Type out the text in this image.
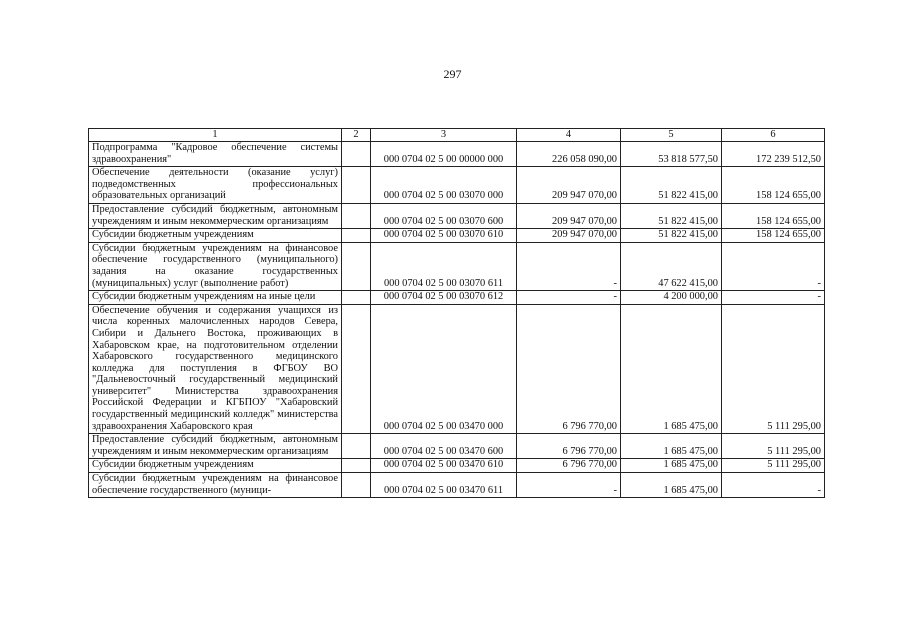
297
1	2	3	4	5	6
Подпрограмма "Кадровое обеспечение системы здравоохранения"		000 0704 02 5 00 00000 000	226 058 090,00	53 818 577,50	172 239 512,50
Обеспечение деятельности (оказание услуг) подведомственных профессиональных образовательных организаций		000 0704 02 5 00 03070 000	209 947 070,00	51 822 415,00	158 124 655,00
Предоставление субсидий бюджетным, автономным учреждениям и иным некоммерческим организациям		000 0704 02 5 00 03070 600	209 947 070,00	51 822 415,00	158 124 655,00
Субсидии бюджетным учреждениям		000 0704 02 5 00 03070 610	209 947 070,00	51 822 415,00	158 124 655,00
Субсидии бюджетным учреждениям на финансовое обеспечение государственного (муниципального) задания на оказание государственных (муниципальных) услуг (выполнение работ)		000 0704 02 5 00 03070 611	-	47 622 415,00	-
Субсидии бюджетным учреждениям на иные цели		000 0704 02 5 00 03070 612	-	4 200 000,00	-
Обеспечение обучения и содержания учащихся из числа коренных малочисленных народов Севера, Сибири и Дальнего Востока, проживающих в Хабаровском крае, на подготовительном отделении Хабаровского государственного медицинского колледжа для поступления в ФГБОУ ВО "Дальневосточный государственный медицинский университет" Министерства здравоохранения Российской Федерации и КГБПОУ "Хабаровский государственный медицинский колледж" министерства здравоохранения Хабаровского края		000 0704 02 5 00 03470 000	6 796 770,00	1 685 475,00	5 111 295,00
Предоставление субсидий бюджетным, автономным учреждениям и иным некоммерческим организациям		000 0704 02 5 00 03470 600	6 796 770,00	1 685 475,00	5 111 295,00
Субсидии бюджетным учреждениям		000 0704 02 5 00 03470 610	6 796 770,00	1 685 475,00	5 111 295,00
Субсидии бюджетным учреждениям на финансовое обеспечение государственного (муници-		000 0704 02 5 00 03470 611	-	1 685 475,00	-
